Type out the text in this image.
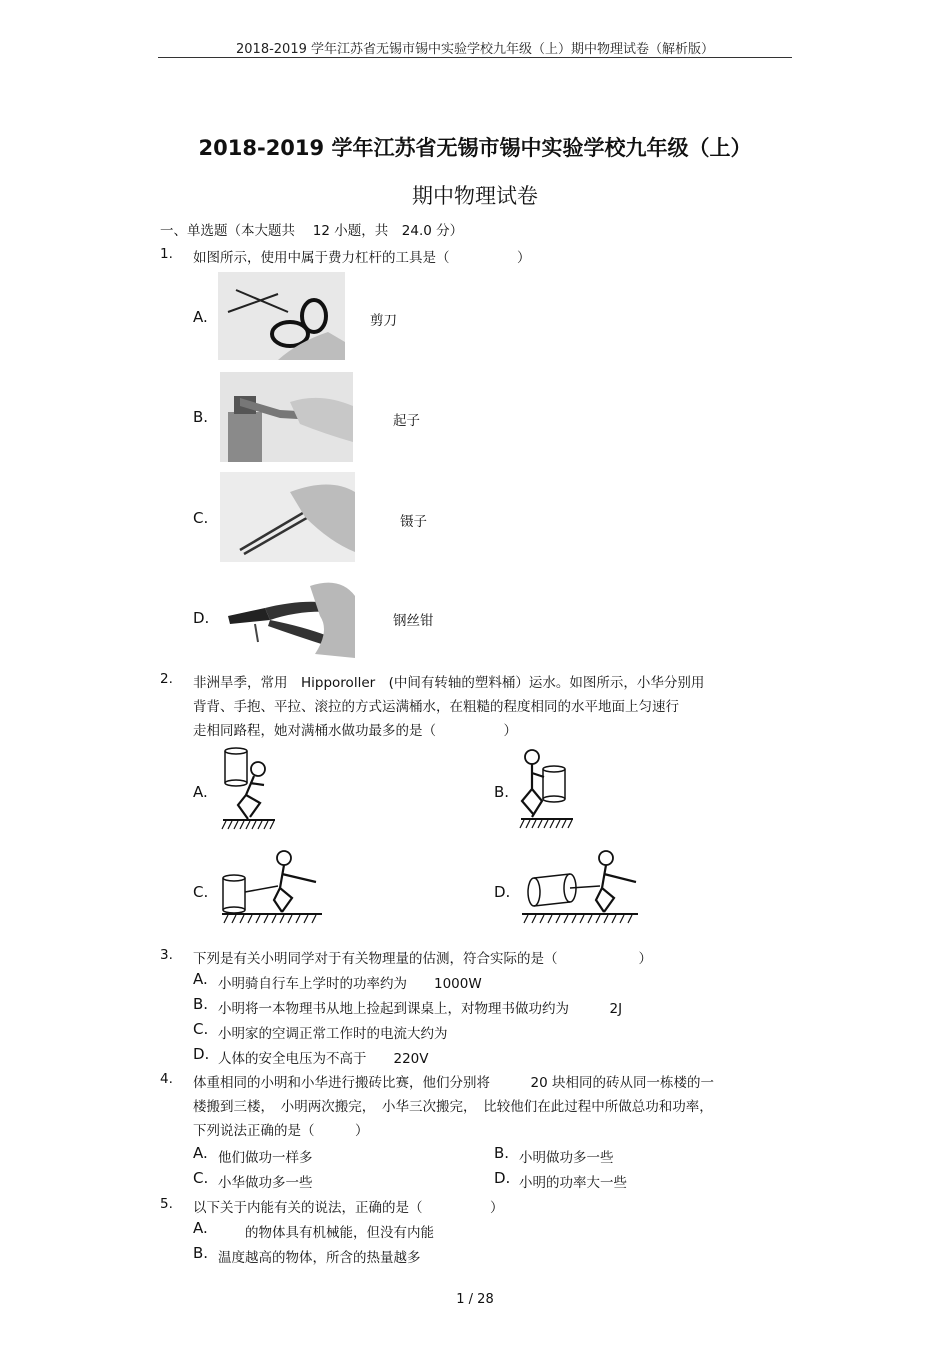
2018-2019 学年江苏省无锡市锡中实验学校九年级（上）期中物理试卷（解析版）
2018-2019 学年江苏省无锡市锡中实验学校九年级（上）
期中物理试卷
一、单选题（本大题共　 12 小题，共　24.0 分）
1. 如图所示，使用中属于费力杠杆的工具是（　　　　　）
A.	剪刀
B.	起子
C.	镊子
D.	钢丝钳
2. 非洲旱季，常用　Hipporoller　(中间有转轴的塑料桶）运水。如图所示，小华分别用
背背、手抱、平拉、滚拉的方式运满桶水，在粗糙的程度相同的水平地面上匀速行
走相同路程，她对满桶水做功最多的是（　　　　　）
A.	B.
C.	D.
3. 下列是有关小明同学对于有关物理量的估测，符合实际的是（　　　　　　）
A. 小明骑自行车上学时的功率约为　　1000W
B. 小明将一本物理书从地上捡起到课桌上，对物理书做功约为　　　2J
C. 小明家的空调正常工作时的电流大约为
D. 人体的安全电压为不高于　　220V
4. 体重相同的小明和小华进行搬砖比赛，他们分别将　　　20 块相同的砖从同一栋楼的一
楼搬到三楼，　小明两次搬完，　小华三次搬完，　比较他们在此过程中所做总功和功率，
下列说法正确的是（　　　）
A. 他们做功一样多	B. 小明做功多一些
C. 小华做功多一些	D. 小明的功率大一些
5. 以下关于内能有关的说法，正确的是（　　　　　）
A. 　　的物体具有机械能，但没有内能
B. 温度越高的物体，所含的热量越多
1 / 28
